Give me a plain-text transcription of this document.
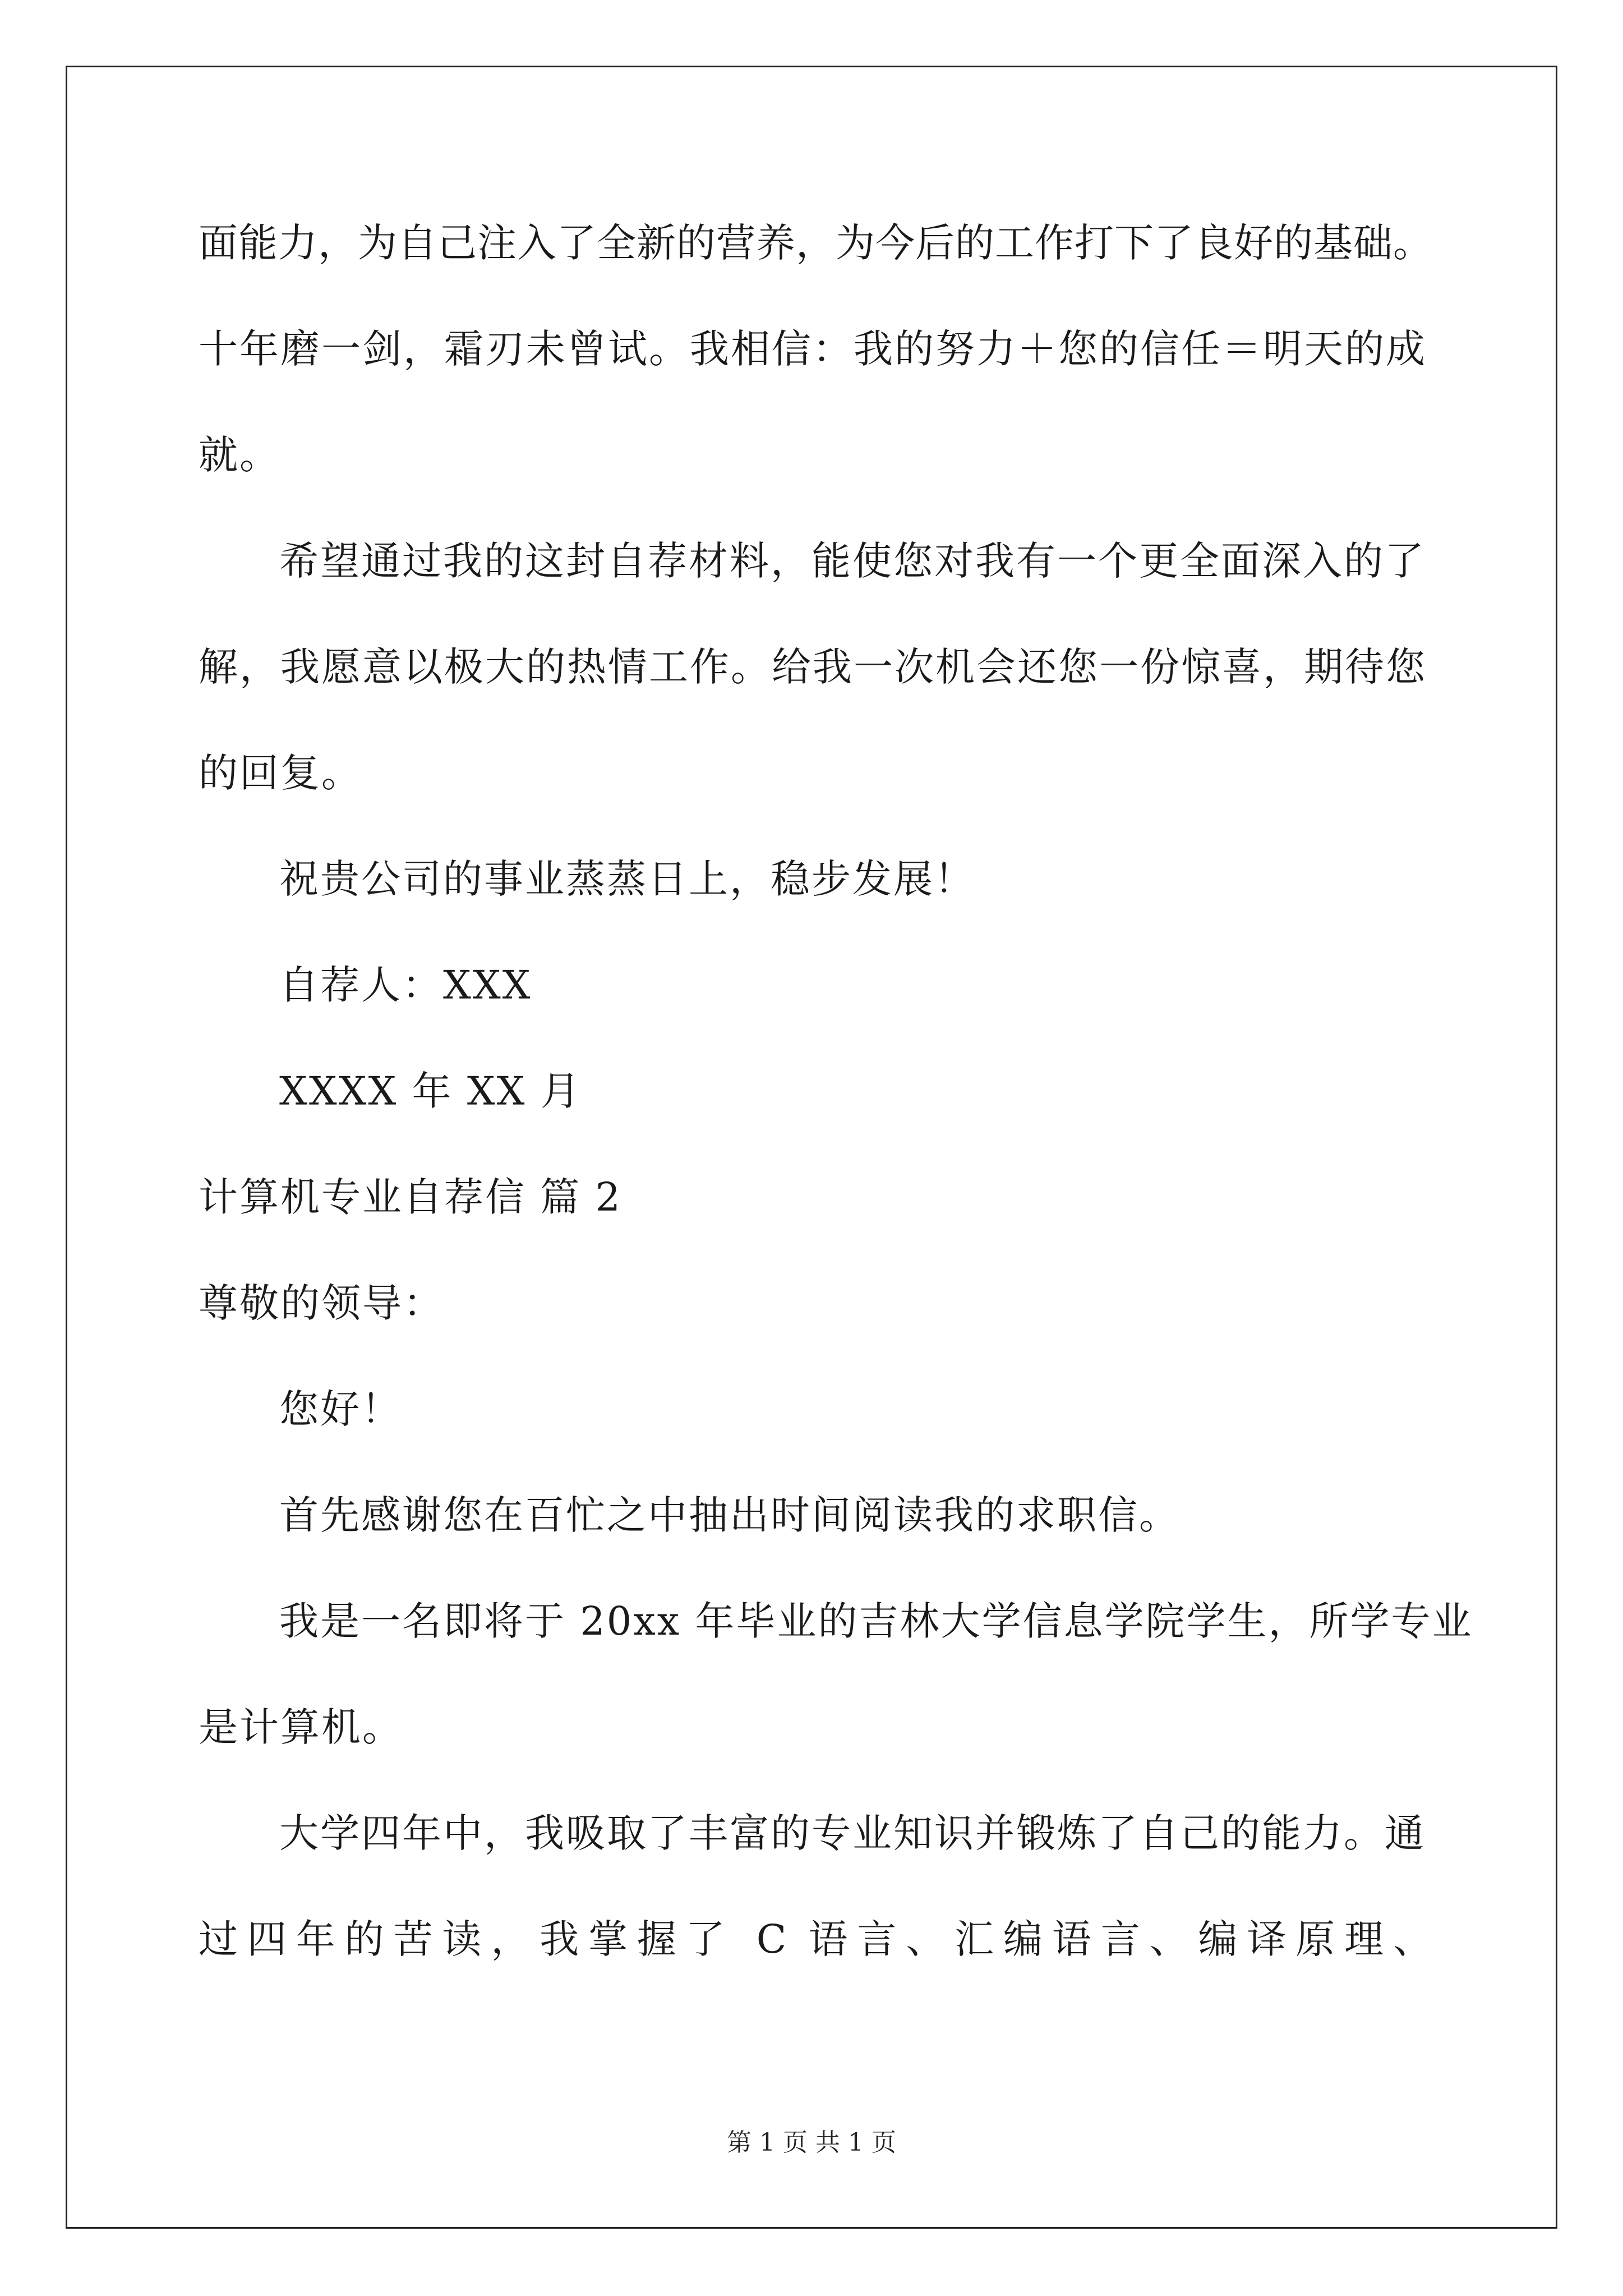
面能力，为自己注入了全新的营养，为今后的工作打下了良好的基础。
十年磨一剑，霜刃未曾试。我相信：我的努力＋您的信任＝明天的成
就。
希望通过我的这封自荐材料，能使您对我有一个更全面深入的了
解，我愿意以极大的热情工作。给我一次机会还您一份惊喜，期待您
的回复。
祝贵公司的事业蒸蒸日上，稳步发展！
自荐人：XXX
XXXX 年 XX 月
计算机专业自荐信 篇 2
尊敬的领导：
您好！
首先感谢您在百忙之中抽出时间阅读我的求职信。
我是一名即将于 20xx 年毕业的吉林大学信息学院学生，所学专业
是计算机。
大学四年中，我吸取了丰富的专业知识并锻炼了自己的能力。通
过四年的苦读，我掌握了 C 语言、汇编语言、编译原理、
第 1 页 共 1 页
